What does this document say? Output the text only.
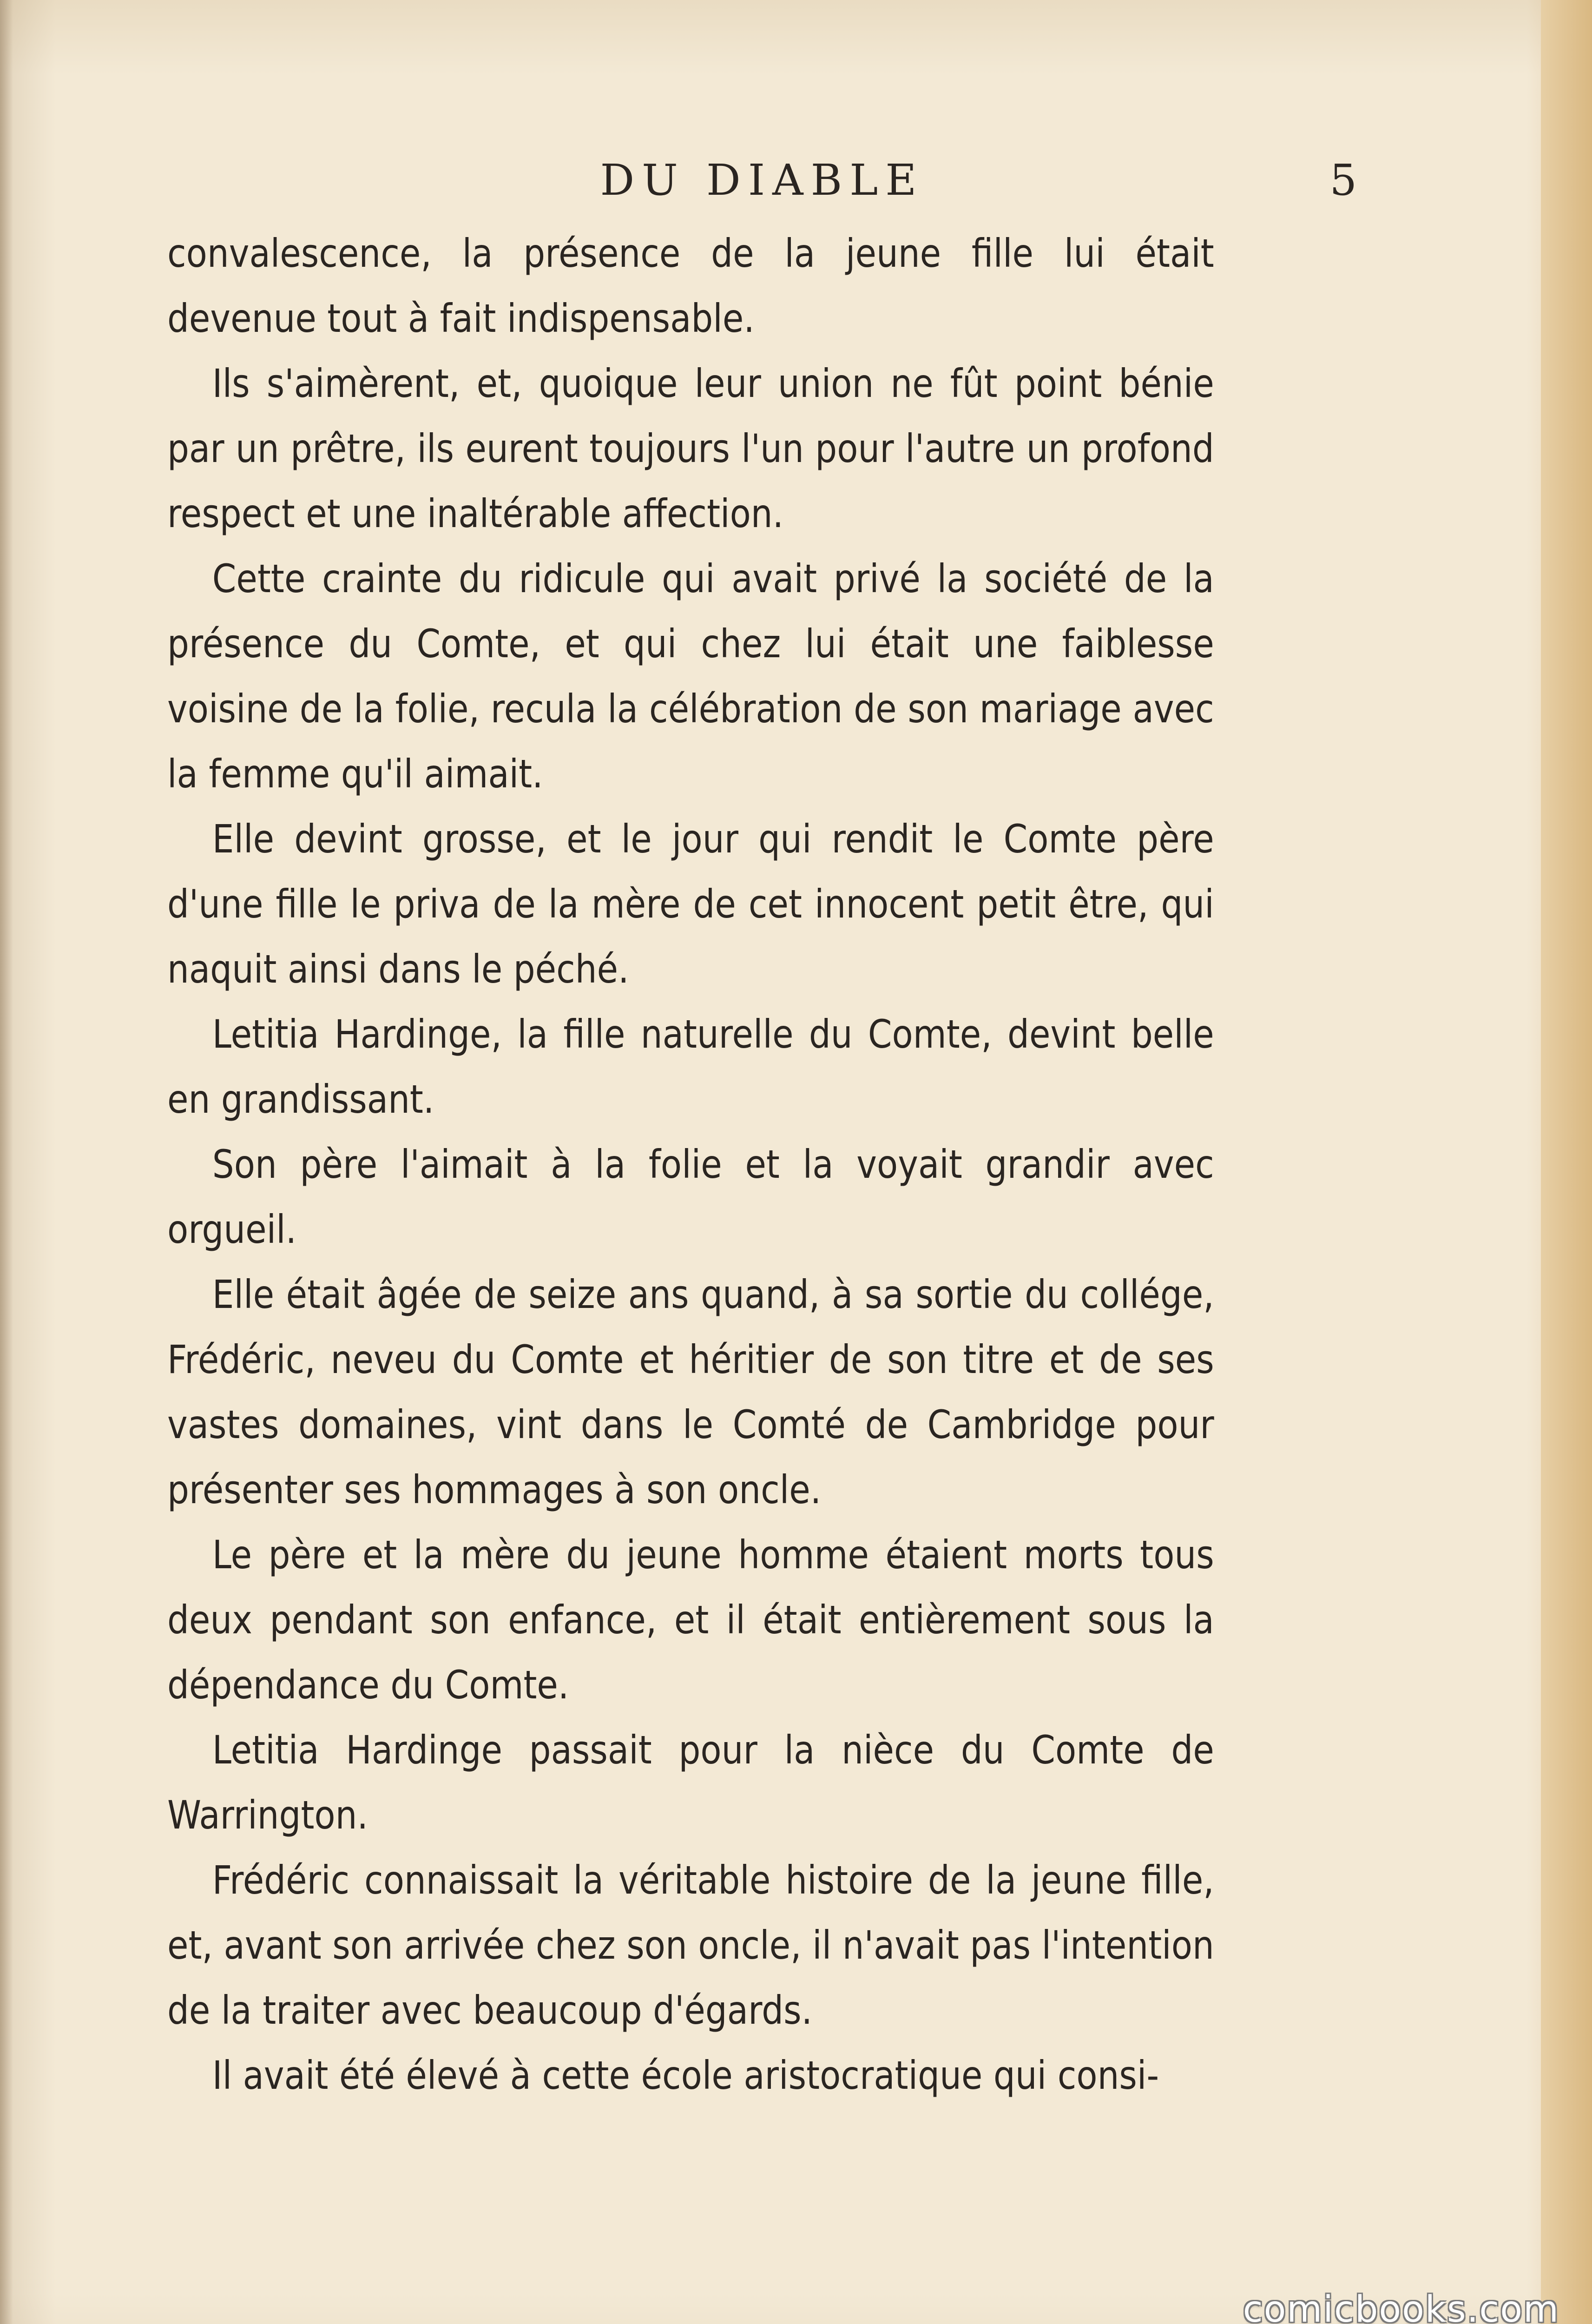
DU DIABLE	5

convalescence, la présence de la jeune fille lui était devenue tout à fait indispensable.

Ils s'aimèrent, et, quoique leur union ne fût point bénie par un prêtre, ils eurent toujours l'un pour l'autre un profond respect et une inaltérable affection.

Cette crainte du ridicule qui avait privé la société de la présence du Comte, et qui chez lui était une faiblesse voisine de la folie, recula la célébration de son mariage avec la femme qu'il aimait.

Elle devint grosse, et le jour qui rendit le Comte père d'une fille le priva de la mère de cet innocent petit être, qui naquit ainsi dans le péché.

Letitia Hardinge, la fille naturelle du Comte, devint belle en grandissant.

Son père l'aimait à la folie et la voyait grandir avec orgueil.

Elle était âgée de seize ans quand, à sa sortie du collége, Frédéric, neveu du Comte et héritier de son titre et de ses vastes domaines, vint dans le Comté de Cambridge pour présenter ses hommages à son oncle.

Le père et la mère du jeune homme étaient morts tous deux pendant son enfance, et il était entièrement sous la dépendance du Comte.

Letitia Hardinge passait pour la nièce du Comte de Warrington.

Frédéric connaissait la véritable histoire de la jeune fille, et, avant son arrivée chez son oncle, il n'avait pas l'intention de la traiter avec beaucoup d'égards.

Il avait été élevé à cette école aristocratique qui consi-

comicbooks.com
